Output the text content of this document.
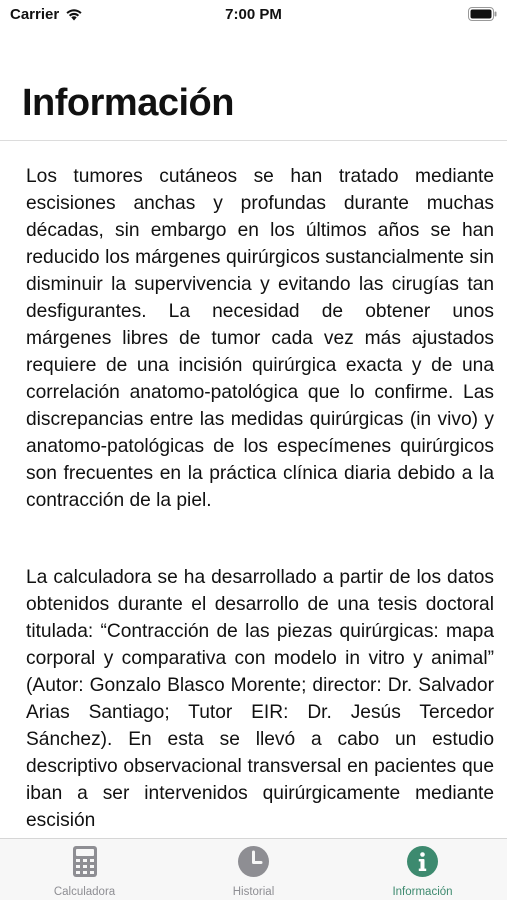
Carrier	7:00 PM
Información

Los tumores cutáneos se han tratado mediante escisiones anchas y profundas durante muchas décadas, sin embargo en los últimos años se han reducido los márgenes quirúrgicos sustancialmente sin disminuir la supervivencia y evitando las cirugías tan desfigurantes. La necesidad de obtener unos márgenes libres de tumor cada vez más ajustados requiere de una incisión quirúrgica exacta y de una correlación anatomo-patológica que lo confirme. Las discrepancias entre las medidas quirúrgicas (in vivo) y anatomo-patológicas de los especímenes quirúrgicos son frecuentes en la práctica clínica diaria debido a la contracción de la piel.

La calculadora se ha desarrollado a partir de los datos obtenidos durante el desarrollo de una tesis doctoral titulada: “Contracción de las piezas quirúrgicas: mapa corporal y comparativa con modelo in vitro y animal” (Autor: Gonzalo Blasco Morente; director: Dr. Salvador Arias Santiago; Tutor EIR: Dr. Jesús Tercedor Sánchez). En esta se llevó a cabo un estudio descriptivo observacional transversal en pacientes que iban a ser intervenidos quirúrgicamente mediante escisión

Calculadora	Historial	Información
